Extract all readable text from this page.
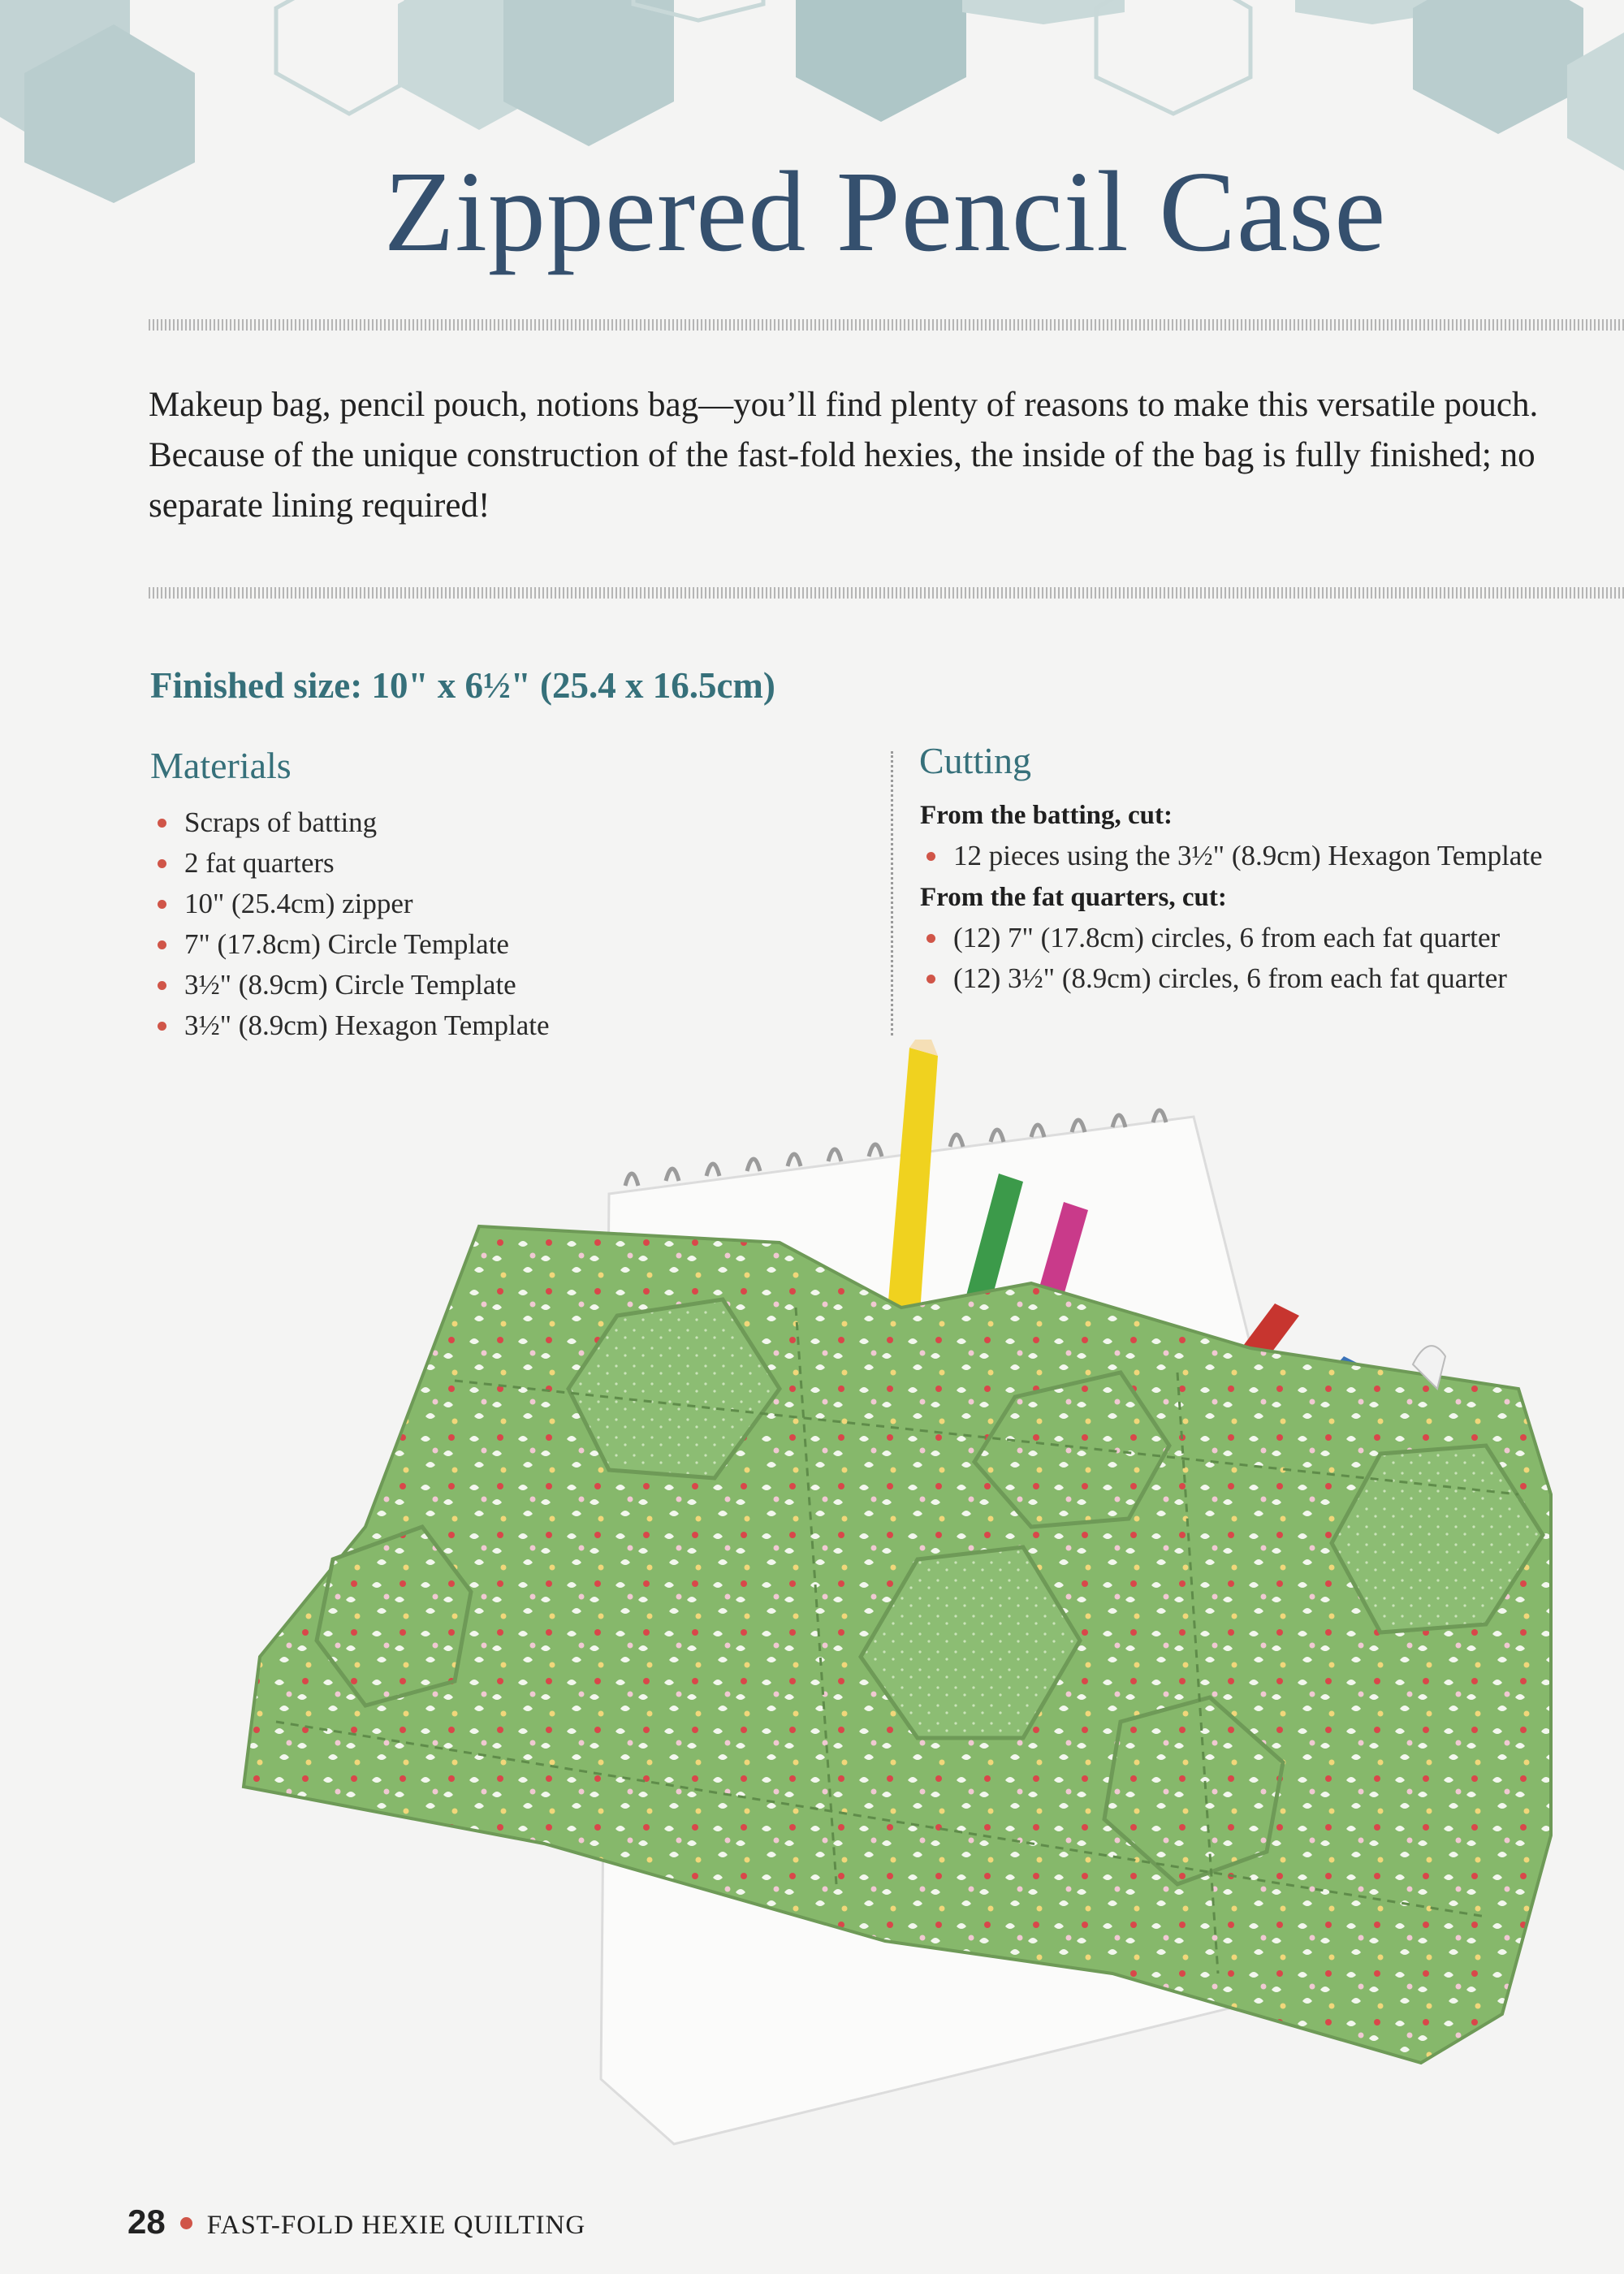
Zippered Pencil Case

Makeup bag, pencil pouch, notions bag—you’ll find plenty of reasons to make this versatile pouch. Because of the unique construction of the fast-fold hexies, the inside of the bag is fully finished; no separate lining required!

Finished size: 10" x 6½" (25.4 x 16.5cm)
Materials
Scraps of batting
2 fat quarters
10" (25.4cm) zipper
7" (17.8cm) Circle Template
3½" (8.9cm) Circle Template
3½" (8.9cm) Hexagon Template
Cutting

From the batting, cut:

12 pieces using the 3½" (8.9cm) Hexagon Template

From the fat quarters, cut:

(12) 7" (17.8cm) circles, 6 from each fat quarter
(12) 3½" (8.9cm) circles, 6 from each fat quarter
28 FAST-FOLD HEXIE QUILTING
